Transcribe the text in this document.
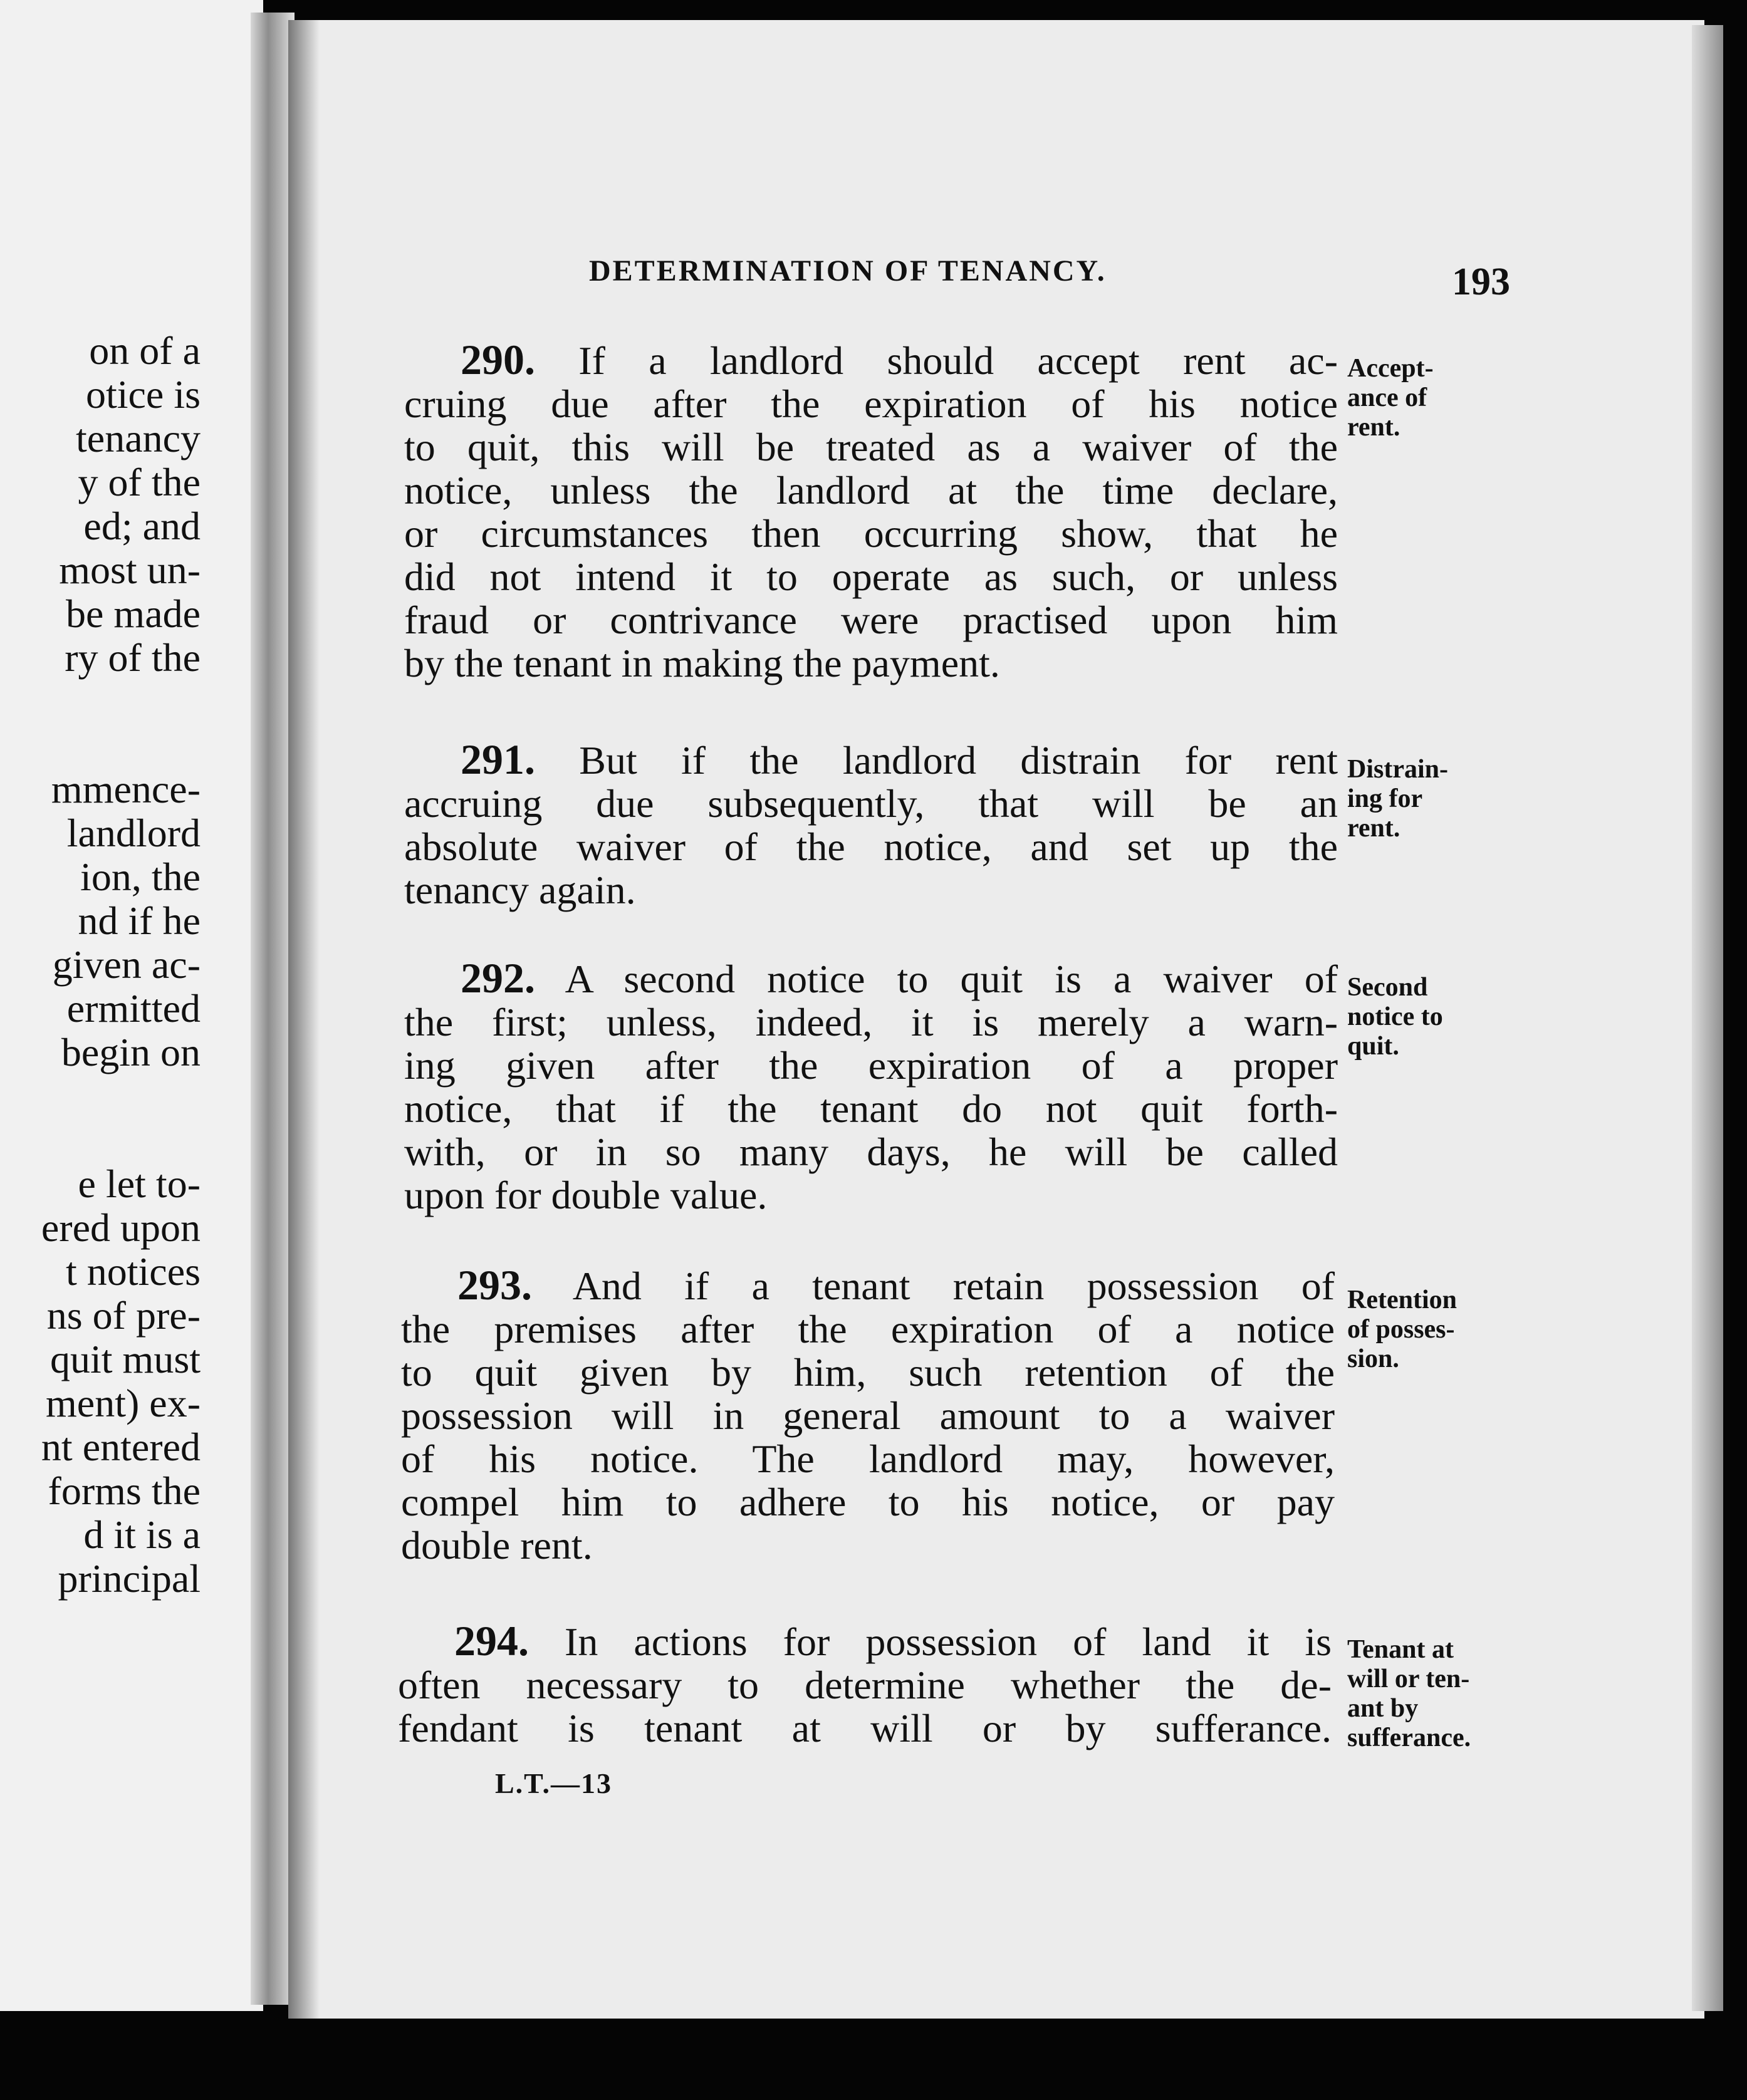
on of a
otice is
tenancy
y of the
ed; and
most un-
be made
ry of the
mmence-
landlord
ion, the
nd if he
given ac-
ermitted
begin on
e let to-
ered upon
t notices
ns of pre-
quit must
ment) ex-
nt entered
forms the
d it is a
principal
DETERMINATION OF TENANCY.	193
290. If a landlord should accept rent ac-
cruing due after the expiration of his notice
to quit, this will be treated as a waiver of the
notice, unless the landlord at the time declare,
or circumstances then occurring show, that he
did not intend it to operate as such, or unless
fraud or contrivance were practised upon him
by the tenant in making the payment.
Accept-
ance of
rent.
291. But if the landlord distrain for rent
accruing due subsequently, that will be an
absolute waiver of the notice, and set up the
tenancy again.
Distrain-
ing for
rent.
292. A second notice to quit is a waiver of
the first; unless, indeed, it is merely a warn-
ing given after the expiration of a proper
notice, that if the tenant do not quit forth-
with, or in so many days, he will be called
upon for double value.
Second
notice to
quit.
293. And if a tenant retain possession of
the premises after the expiration of a notice
to quit given by him, such retention of the
possession will in general amount to a waiver
of his notice. The landlord may, however,
compel him to adhere to his notice, or pay
double rent.
Retention
of posses-
sion.
294. In actions for possession of land it is
often necessary to determine whether the de-
fendant is tenant at will or by sufferance.
Tenant at
will or ten-
ant by
sufferance.
L.T.—13
